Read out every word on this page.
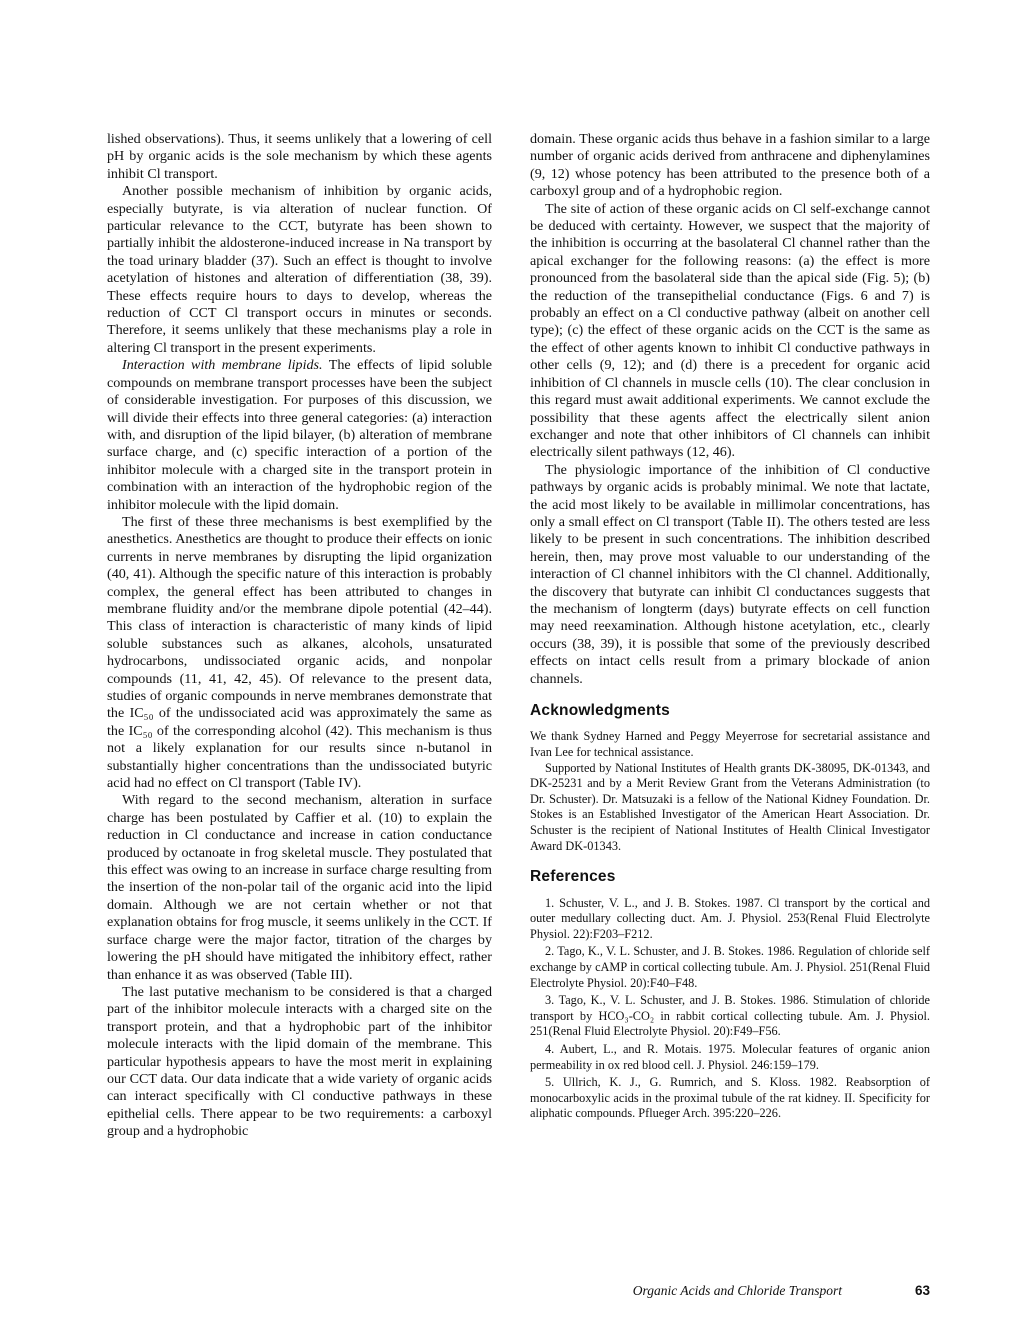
lished observations). Thus, it seems unlikely that a lowering of cell pH by organic acids is the sole mechanism by which these agents inhibit Cl transport.

Another possible mechanism of inhibition by organic acids, especially butyrate, is via alteration of nuclear function. Of particular relevance to the CCT, butyrate has been shown to partially inhibit the aldosterone-induced increase in Na transport by the toad urinary bladder (37). Such an effect is thought to involve acetylation of histones and alteration of differentiation (38, 39). These effects require hours to days to develop, whereas the reduction of CCT Cl transport occurs in minutes or seconds. Therefore, it seems unlikely that these mechanisms play a role in altering Cl transport in the present experiments.

Interaction with membrane lipids. The effects of lipid soluble compounds on membrane transport processes have been the subject of considerable investigation. For purposes of this discussion, we will divide their effects into three general categories: (a) interaction with, and disruption of the lipid bilayer, (b) alteration of membrane surface charge, and (c) specific interaction of a portion of the inhibitor molecule with a charged site in the transport protein in combination with an interaction of the hydrophobic region of the inhibitor molecule with the lipid domain.

The first of these three mechanisms is best exemplified by the anesthetics. Anesthetics are thought to produce their effects on ionic currents in nerve membranes by disrupting the lipid organization (40, 41). Although the specific nature of this interaction is probably complex, the general effect has been attributed to changes in membrane fluidity and/or the membrane dipole potential (42–44). This class of interaction is characteristic of many kinds of lipid soluble substances such as alkanes, alcohols, unsaturated hydrocarbons, undissociated organic acids, and nonpolar compounds (11, 41, 42, 45). Of relevance to the present data, studies of organic compounds in nerve membranes demonstrate that the IC₅₀ of the undissociated acid was approximately the same as the IC₅₀ of the corresponding alcohol (42). This mechanism is thus not a likely explanation for our results since n-butanol in substantially higher concentrations than the undissociated butyric acid had no effect on Cl transport (Table IV).

With regard to the second mechanism, alteration in surface charge has been postulated by Caffier et al. (10) to explain the reduction in Cl conductance and increase in cation conductance produced by octanoate in frog skeletal muscle. They postulated that this effect was owing to an increase in surface charge resulting from the insertion of the non-polar tail of the organic acid into the lipid domain. Although we are not certain whether or not that explanation obtains for frog muscle, it seems unlikely in the CCT. If surface charge were the major factor, titration of the charges by lowering the pH should have mitigated the inhibitory effect, rather than enhance it as was observed (Table III).

The last putative mechanism to be considered is that a charged part of the inhibitor molecule interacts with a charged site on the transport protein, and that a hydrophobic part of the inhibitor molecule interacts with the lipid domain of the membrane. This particular hypothesis appears to have the most merit in explaining our CCT data. Our data indicate that a wide variety of organic acids can interact specifically with Cl conductive pathways in these epithelial cells. There appear to be two requirements: a carboxyl group and a hydrophobic

domain. These organic acids thus behave in a fashion similar to a large number of organic acids derived from anthracene and diphenylamines (9, 12) whose potency has been attributed to the presence both of a carboxyl group and of a hydrophobic region.

The site of action of these organic acids on Cl self-exchange cannot be deduced with certainty. However, we suspect that the majority of the inhibition is occurring at the basolateral Cl channel rather than the apical exchanger for the following reasons: (a) the effect is more pronounced from the basolateral side than the apical side (Fig. 5); (b) the reduction of the transepithelial conductance (Figs. 6 and 7) is probably an effect on a Cl conductive pathway (albeit on another cell type); (c) the effect of these organic acids on the CCT is the same as the effect of other agents known to inhibit Cl conductive pathways in other cells (9, 12); and (d) there is a precedent for organic acid inhibition of Cl channels in muscle cells (10). The clear conclusion in this regard must await additional experiments. We cannot exclude the possibility that these agents affect the electrically silent anion exchanger and note that other inhibitors of Cl channels can inhibit electrically silent pathways (12, 46).

The physiologic importance of the inhibition of Cl conductive pathways by organic acids is probably minimal. We note that lactate, the acid most likely to be available in millimolar concentrations, has only a small effect on Cl transport (Table II). The others tested are less likely to be present in such concentrations. The inhibition described herein, then, may prove most valuable to our understanding of the interaction of Cl channel inhibitors with the Cl channel. Additionally, the discovery that butyrate can inhibit Cl conductances suggests that the mechanism of longterm (days) butyrate effects on cell function may need reexamination. Although histone acetylation, etc., clearly occurs (38, 39), it is possible that some of the previously described effects on intact cells result from a primary blockade of anion channels.

Acknowledgments

We thank Sydney Harned and Peggy Meyerrose for secretarial assistance and Ivan Lee for technical assistance.

Supported by National Institutes of Health grants DK-38095, DK-01343, and DK-25231 and by a Merit Review Grant from the Veterans Administration (to Dr. Schuster). Dr. Matsuzaki is a fellow of the National Kidney Foundation. Dr. Stokes is an Established Investigator of the American Heart Association. Dr. Schuster is the recipient of National Institutes of Health Clinical Investigator Award DK-01343.

References

1. Schuster, V. L., and J. B. Stokes. 1987. Cl transport by the cortical and outer medullary collecting duct. Am. J. Physiol. 253(Renal Fluid Electrolyte Physiol. 22):F203–F212.

2. Tago, K., V. L. Schuster, and J. B. Stokes. 1986. Regulation of chloride self exchange by cAMP in cortical collecting tubule. Am. J. Physiol. 251(Renal Fluid Electrolyte Physiol. 20):F40–F48.

3. Tago, K., V. L. Schuster, and J. B. Stokes. 1986. Stimulation of chloride transport by HCO₃-CO₂ in rabbit cortical collecting tubule. Am. J. Physiol. 251(Renal Fluid Electrolyte Physiol. 20):F49–F56.

4. Aubert, L., and R. Motais. 1975. Molecular features of organic anion permeability in ox red blood cell. J. Physiol. 246:159–179.

5. Ullrich, K. J., G. Rumrich, and S. Kloss. 1982. Reabsorption of monocarboxylic acids in the proximal tubule of the rat kidney. II. Specificity for aliphatic compounds. Pflueger Arch. 395:220–226.

Organic Acids and Chloride Transport	63
